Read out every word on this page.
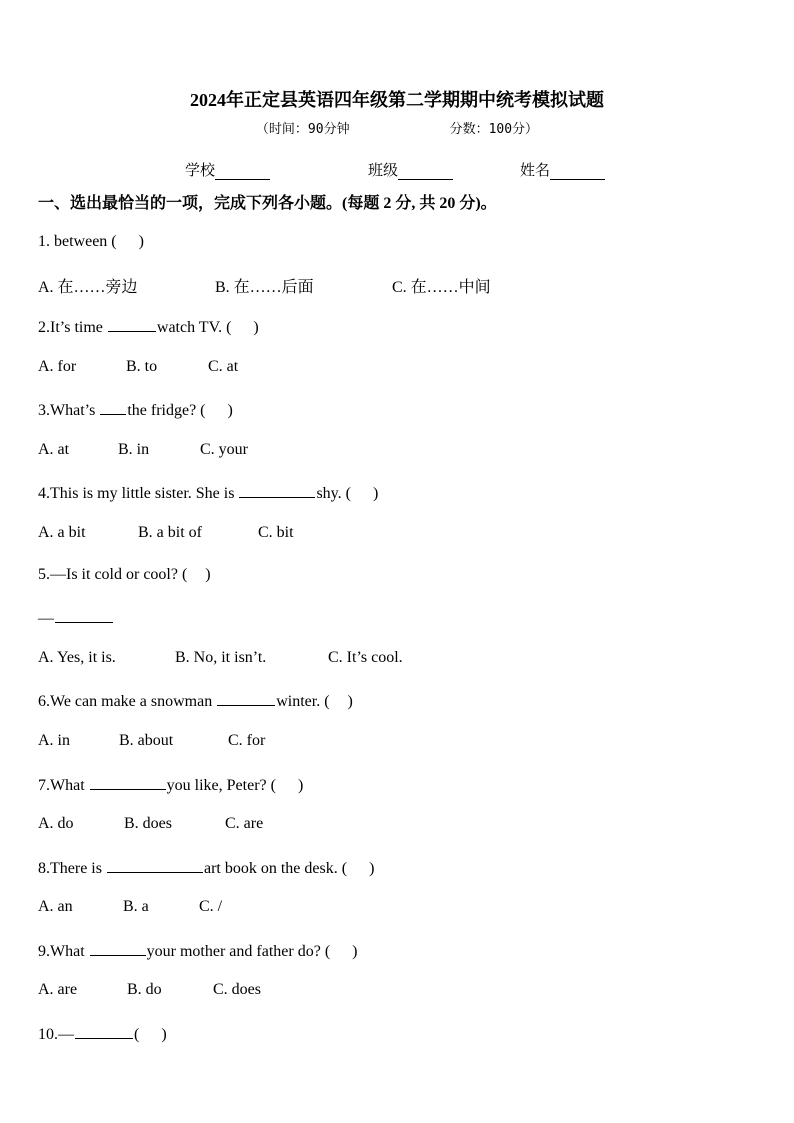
2024年正定县英语四年级第二学期期中统考模拟试题
（时间：90分钟	分数：100分）
学校	班级	姓名
一、选出最恰当的一项，完成下列各小题。(每题 2 分, 共 20 分)。
1. between ( )
A. 在……旁边	B. 在……后面	C. 在……中间
2.It’s time	watch TV. ( )
A. for	B. to	C. at
3.What’s the fridge? ( )
A. at	B. in	C. your
4.This is my little sister. She is	shy. ( )
A. a bit	B. a bit of	C. bit
5.—Is it cold or cool? ( )
—
A. Yes, it is.	B. No, it isn’t.	C. It’s cool.
6.We can make a snowman	winter. ( )
A. in	B. about	C. for
7.What	you like, Peter? ( )
A. do	B. does	C. are
8.There is	art book on the desk. ( )
A. an	B. a	C. /
9.What	your mother and father do? ( )
A. are	B. do	C. does
10.—	( )
